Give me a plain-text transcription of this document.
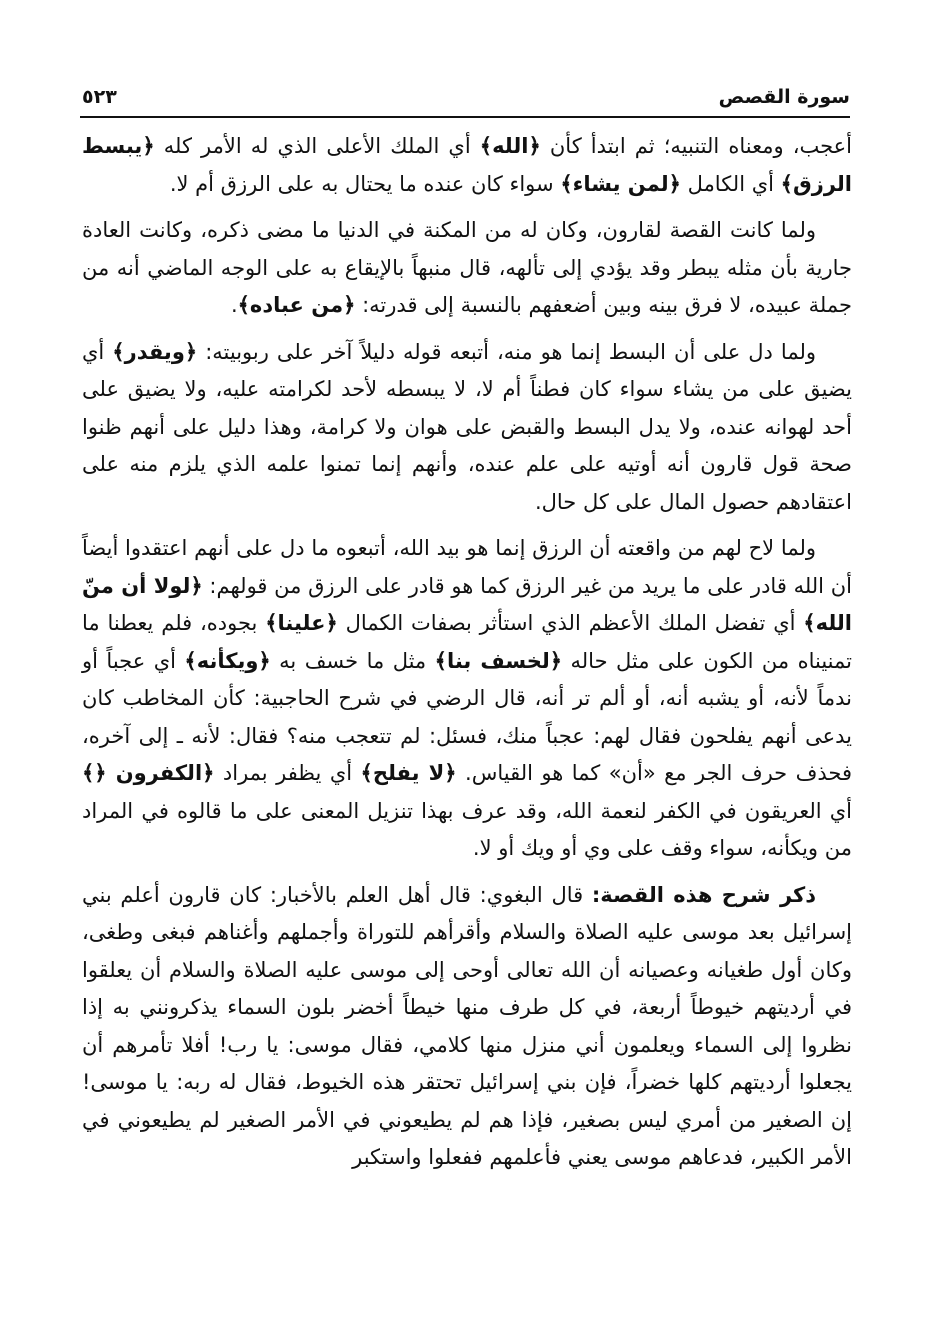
سورة القصص
٥٢٣

أعجب، ومعناه التنبيه؛ ثم ابتدأ كأن ﴿الله﴾ أي الملك الأعلى الذي له الأمر كله ﴿يبسط الرزق﴾ أي الكامل ﴿لمن يشاء﴾ سواء كان عنده ما يحتال به على الرزق أم لا.

ولما كانت القصة لقارون، وكان له من المكنة في الدنيا ما مضى ذكره، وكانت العادة جارية بأن مثله يبطر وقد يؤدي إلى تألهه، قال منبهاً بالإيقاع به على الوجه الماضي أنه من جملة عبيده، لا فرق بينه وبين أضعفهم بالنسبة إلى قدرته: ﴿من عباده﴾.

ولما دل على أن البسط إنما هو منه، أتبعه قوله دليلاً آخر على ربوبيته: ﴿ويقدر﴾ أي يضيق على من يشاء سواء كان فطناً أم لا، لا يبسطه لأحد لكرامته عليه، ولا يضيق على أحد لهوانه عنده، ولا يدل البسط والقبض على هوان ولا كرامة، وهذا دليل على أنهم ظنوا صحة قول قارون أنه أوتيه على علم عنده، وأنهم إنما تمنوا علمه الذي يلزم منه على اعتقادهم حصول المال على كل حال.

ولما لاح لهم من واقعته أن الرزق إنما هو بيد الله، أتبعوه ما دل على أنهم اعتقدوا أيضاً أن الله قادر على ما يريد من غير الرزق كما هو قادر على الرزق من قولهم: ﴿لولا أن منّ الله﴾ أي تفضل الملك الأعظم الذي استأثر بصفات الكمال ﴿علينا﴾ بجوده، فلم يعطنا ما تمنيناه من الكون على مثل حاله ﴿لخسف بنا﴾ مثل ما خسف به ﴿ويكأنه﴾ أي عجباً أو ندماً لأنه، أو يشبه أنه، أو ألم تر أنه، قال الرضي في شرح الحاجبية: كأن المخاطب كان يدعى أنهم يفلحون فقال لهم: عجباً منك، فسئل: لم تتعجب منه؟ فقال: لأنه ـ إلى آخره، فحذف حرف الجر مع «أن» كما هو القياس. ﴿لا يفلح﴾ أي يظفر بمراد ﴿الكفرون ﴿﴾ أي العريقون في الكفر لنعمة الله، وقد عرف بهذا تنزيل المعنى على ما قالوه في المراد من ويكأنه، سواء وقف على وي أو ويك أو لا.

ذكر شرح هذه القصة: قال البغوي: قال أهل العلم بالأخبار: كان قارون أعلم بني إسرائيل بعد موسى عليه الصلاة والسلام وأقرأهم للتوراة وأجملهم وأغناهم فبغى وطغى، وكان أول طغيانه وعصيانه أن الله تعالى أوحى إلى موسى عليه الصلاة والسلام أن يعلقوا في أرديتهم خيوطاً أربعة، في كل طرف منها خيطاً أخضر بلون السماء يذكرونني به إذا نظروا إلى السماء ويعلمون أني منزل منها كلامي، فقال موسى: يا رب! أفلا تأمرهم أن يجعلوا أرديتهم كلها خضراً، فإن بني إسرائيل تحتقر هذه الخيوط، فقال له ربه: يا موسى! إن الصغير من أمري ليس بصغير، فإذا هم لم يطيعوني في الأمر الصغير لم يطيعوني في الأمر الكبير، فدعاهم موسى يعني فأعلمهم ففعلوا واستكبر
